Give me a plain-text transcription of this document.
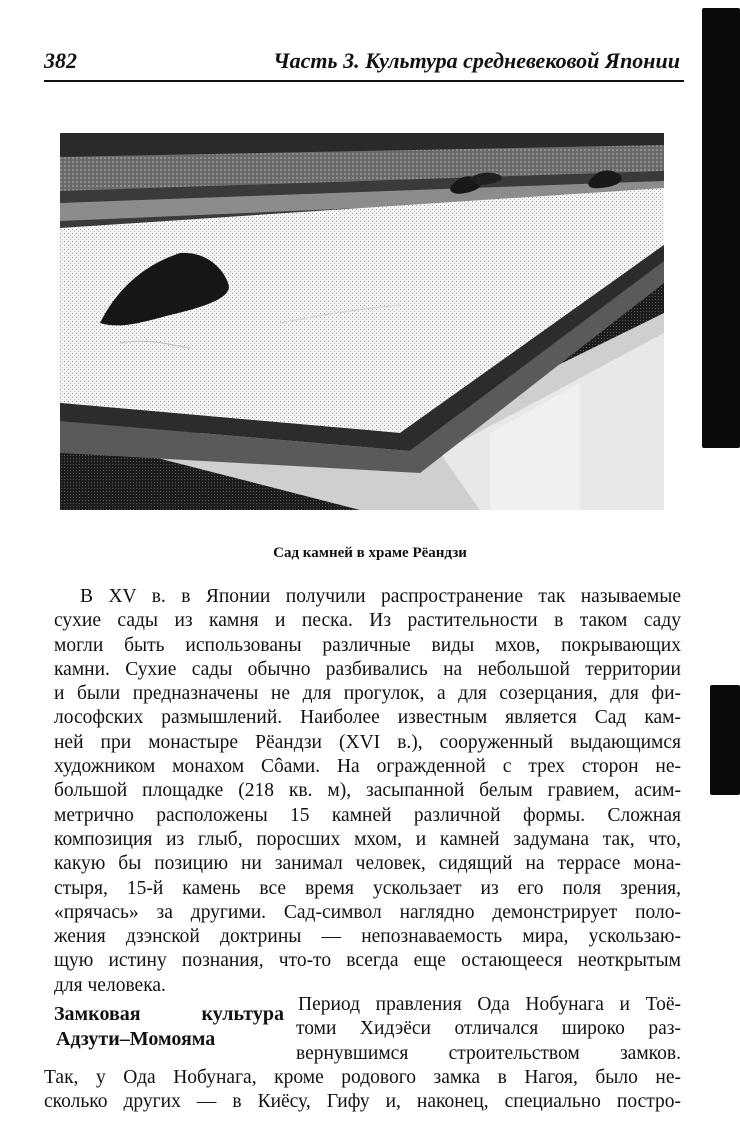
382	Часть 3. Культура средневековой Японии
Сад камней в храме Рёандзи
В XV в. в Японии получили распространение так называемые
сухие сады из камня и песка. Из растительности в таком саду
могли быть использованы различные виды мхов, покрывающих
камни. Сухие сады обычно разбивались на небольшой территории
и были предназначены не для прогулок, а для созерцания, для фи-
лософских размышлений. Наиболее известным является Сад кам-
ней при монастыре Рёандзи (XVI в.), сооруженный выдающимся
художником монахом Сôами. На огражденной с трех сторон не-
большой площадке (218 кв. м), засыпанной белым гравием, асим-
метрично расположены 15 камней различной формы. Сложная
композиция из глыб, поросших мхом, и камней задумана так, что,
какую бы позицию ни занимал человек, сидящий на террасе мона-
стыря, 15-й камень все время ускользает из его поля зрения,
«прячась» за другими. Сад-символ наглядно демонстрирует поло-
жения дзэнской доктрины — непознаваемость мира, ускользаю-
щую истину познания, что-то всегда еще остающееся неоткрытым
для человека.
Замковая культура
Адзути–Момояма
Период правления Ода Нобунага и Тоё-
томи Хидэёси отличался широко раз-
вернувшимся строительством замков.
Так, у Ода Нобунага, кроме родового замка в Нагоя, было не-
сколько других — в Киёсу, Гифу и, наконец, специально постро-
